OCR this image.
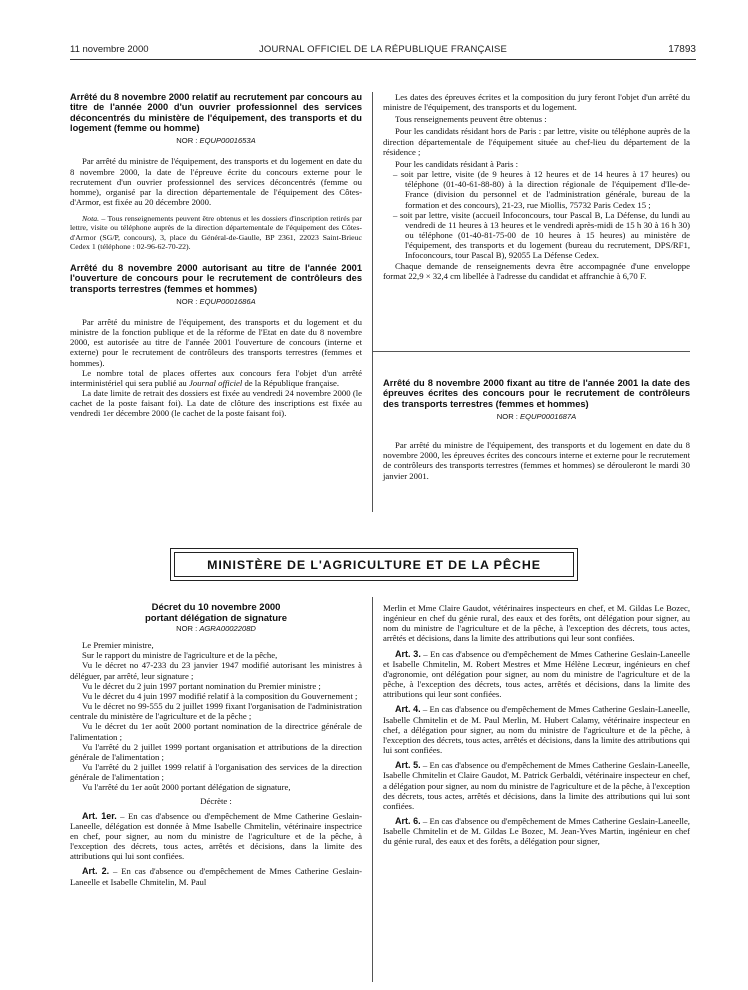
11 novembre 2000	JOURNAL OFFICIEL DE LA RÉPUBLIQUE FRANÇAISE	17893
Arrêté du 8 novembre 2000 relatif au recrutement par concours au titre de l'année 2000 d'un ouvrier professionnel des services déconcentrés du ministère de l'équipement, des transports et du logement (femme ou homme)
NOR : EQUP0001653A

Par arrêté du ministre de l'équipement, des transports et du logement en date du 8 novembre 2000, la date de l'épreuve écrite du concours externe pour le recrutement d'un ouvrier professionnel des services déconcentrés (femme ou homme), organisé par la direction départementale de l'équipement des Côtes-d'Armor, est fixée au 20 décembre 2000.

Nota. – Tous renseignements peuvent être obtenus et les dossiers d'inscription retirés par lettre, visite ou téléphone auprès de la direction départementale de l'équipement des Côtes-d'Armor (SG/P, concours), 3, place du Général-de-Gaulle, BP 2361, 22023 Saint-Brieuc Cedex 1 (téléphone : 02-96-62-70-22).

Arrêté du 8 novembre 2000 autorisant au titre de l'année 2001 l'ouverture de concours pour le recrutement de contrôleurs des transports terrestres (femmes et hommes)
NOR : EQUP0001686A

Par arrêté du ministre de l'équipement, des transports et du logement et du ministre de la fonction publique et de la réforme de l'Etat en date du 8 novembre 2000, est autorisée au titre de l'année 2001 l'ouverture de concours (interne et externe) pour le recrutement de contrôleurs des transports terrestres (femmes et hommes).

Le nombre total de places offertes aux concours fera l'objet d'un arrêté interministériel qui sera publié au Journal officiel de la République française.

La date limite de retrait des dossiers est fixée au vendredi 24 novembre 2000 (le cachet de la poste faisant foi). La date de clôture des inscriptions est fixée au vendredi 1er décembre 2000 (le cachet de la poste faisant foi).

Les dates des épreuves écrites et la composition du jury feront l'objet d'un arrêté du ministre de l'équipement, des transports et du logement.

Tous renseignements peuvent être obtenus :

Pour les candidats résidant hors de Paris : par lettre, visite ou téléphone auprès de la direction départementale de l'équipement située au chef-lieu du département de la résidence ;

Pour les candidats résidant à Paris :

– soit par lettre, visite (de 9 heures à 12 heures et de 14 heures à 17 heures) ou téléphone (01-40-61-88-80) à la direction régionale de l'équipement d'Ile-de-France (division du personnel et de l'administration générale, bureau de la formation et des concours), 21-23, rue Miollis, 75732 Paris Cedex 15 ;

– soit par lettre, visite (accueil Infoconcours, tour Pascal B, La Défense, du lundi au vendredi de 11 heures à 13 heures et le vendredi après-midi de 15 h 30 à 16 h 30) ou téléphone (01-40-81-75-00 de 10 heures à 15 heures) au ministère de l'équipement, des transports et du logement (bureau du recrutement, DPS/RF1, Infoconcours, tour Pascal B), 92055 La Défense Cedex.

Chaque demande de renseignements devra être accompagnée d'une enveloppe format 22,9 × 32,4 cm libellée à l'adresse du candidat et affranchie à 6,70 F.

Arrêté du 8 novembre 2000 fixant au titre de l'année 2001 la date des épreuves écrites des concours pour le recrutement de contrôleurs des transports terrestres (femmes et hommes)
NOR : EQUP0001687A

Par arrêté du ministre de l'équipement, des transports et du logement en date du 8 novembre 2000, les épreuves écrites des concours interne et externe pour le recrutement de contrôleurs des transports terrestres (femmes et hommes) se dérouleront le mardi 30 janvier 2001.

MINISTÈRE DE L'AGRICULTURE ET DE LA PÊCHE
Décret du 10 novembre 2000
portant délégation de signature
NOR : AGRA0002208D

Le Premier ministre,

Sur le rapport du ministre de l'agriculture et de la pêche,

Vu le décret no 47-233 du 23 janvier 1947 modifié autorisant les ministres à déléguer, par arrêté, leur signature ;

Vu le décret du 2 juin 1997 portant nomination du Premier ministre ;

Vu le décret du 4 juin 1997 modifié relatif à la composition du Gouvernement ;

Vu le décret no 99-555 du 2 juillet 1999 fixant l'organisation de l'administration centrale du ministère de l'agriculture et de la pêche ;

Vu le décret du 1er août 2000 portant nomination de la directrice générale de l'alimentation ;

Vu l'arrêté du 2 juillet 1999 portant organisation et attributions de la direction générale de l'alimentation ;

Vu l'arrêté du 2 juillet 1999 relatif à l'organisation des services de la direction générale de l'alimentation ;

Vu l'arrêté du 1er août 2000 portant délégation de signature,

Décrète :

Art. 1er. – En cas d'absence ou d'empêchement de Mme Catherine Geslain-Laneelle, délégation est donnée à Mme Isabelle Chmitelin, vétérinaire inspectrice en chef, pour signer, au nom du ministre de l'agriculture et de la pêche, à l'exception des décrets, tous actes, arrêtés et décisions, dans la limite des attributions qui lui sont confiées.

Art. 2. – En cas d'absence ou d'empêchement de Mmes Catherine Geslain-Laneelle et Isabelle Chmitelin, M. Paul

Merlin et Mme Claire Gaudot, vétérinaires inspecteurs en chef, et M. Gildas Le Bozec, ingénieur en chef du génie rural, des eaux et des forêts, ont délégation pour signer, au nom du ministre de l'agriculture et de la pêche, à l'exception des décrets, tous actes, arrêtés et décisions, dans la limite des attributions qui leur sont confiées.

Art. 3. – En cas d'absence ou d'empêchement de Mmes Catherine Geslain-Laneelle et Isabelle Chmitelin, M. Robert Mestres et Mme Hélène Lecœur, ingénieurs en chef d'agronomie, ont délégation pour signer, au nom du ministre de l'agriculture et de la pêche, à l'exception des décrets, tous actes, arrêtés et décisions, dans la limite des attributions qui leur sont confiées.

Art. 4. – En cas d'absence ou d'empêchement de Mmes Catherine Geslain-Laneelle, Isabelle Chmitelin et de M. Paul Merlin, M. Hubert Calamy, vétérinaire inspecteur en chef, a délégation pour signer, au nom du ministre de l'agriculture et de la pêche, à l'exception des décrets, tous actes, arrêtés et décisions, dans la limite des attributions qui lui sont confiées.

Art. 5. – En cas d'absence ou d'empêchement de Mmes Catherine Geslain-Laneelle, Isabelle Chmitelin et Claire Gaudot, M. Patrick Gerbaldi, vétérinaire inspecteur en chef, a délégation pour signer, au nom du ministre de l'agriculture et de la pêche, à l'exception des décrets, tous actes, arrêtés et décisions, dans la limite des attributions qui lui sont confiées.

Art. 6. – En cas d'absence ou d'empêchement de Mmes Catherine Geslain-Laneelle, Isabelle Chmitelin et de M. Gildas Le Bozec, M. Jean-Yves Martin, ingénieur en chef du génie rural, des eaux et des forêts, a délégation pour signer,
